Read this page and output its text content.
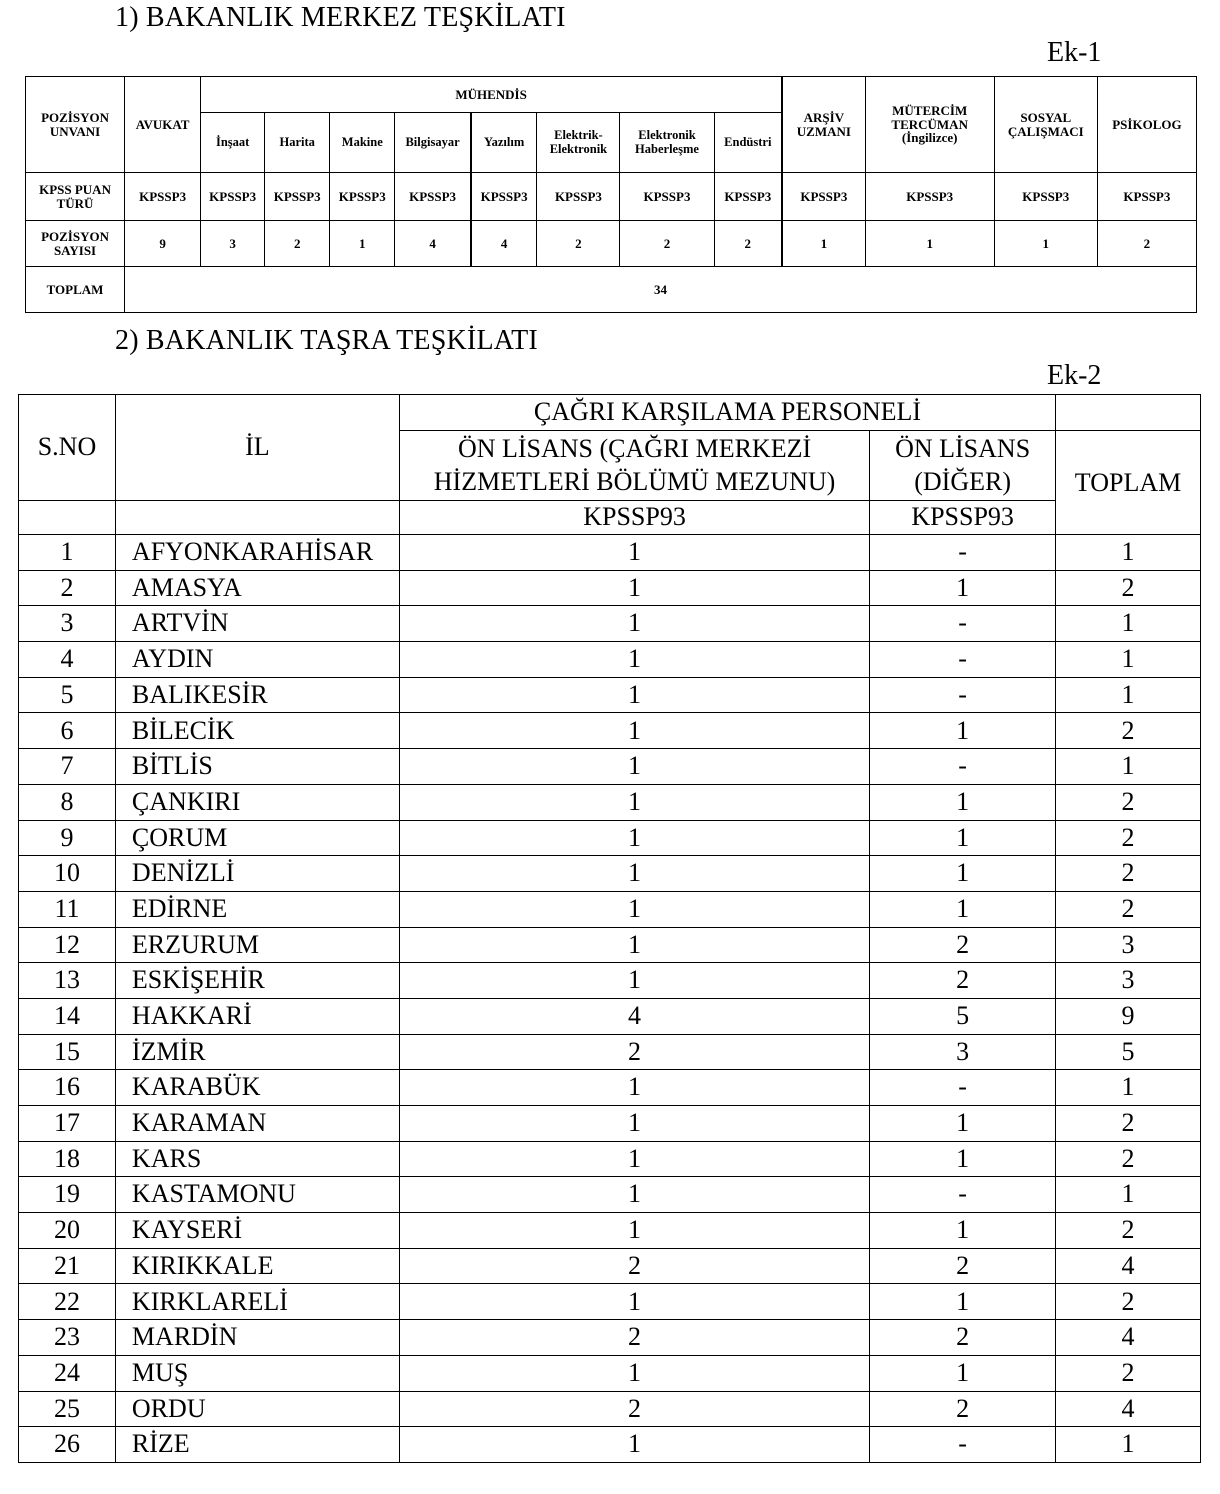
1) BAKANLIK MERKEZ TEŞKİLATI
Ek-1
POZİSYON UNVANI	AVUKAT	MÜHENDİS								ARŞİV UZMANI	MÜTERCİM TERCÜMAN (İngilizce)	SOSYAL ÇALIŞMACI	PSİKOLOG
		İnşaat	Harita	Makine	Bilgisayar	Yazılım	Elektrik- Elektronik	Elektronik Haberleşme	Endüstri				
KPSS PUAN TÜRÜ	KPSSP3	KPSSP3	KPSSP3	KPSSP3	KPSSP3	KPSSP3	KPSSP3	KPSSP3	KPSSP3	KPSSP3	KPSSP3	KPSSP3	KPSSP3
POZİSYON SAYISI	9	3	2	1	4	4	2	2	2	1	1	1	2
TOPLAM	34												
2) BAKANLIK TAŞRA TEŞKİLATI
Ek-2
S.NO	İL	ÇAĞRI KARŞILAMA PERSONELİ		
		ÖN LİSANS (ÇAĞRI MERKEZİ HİZMETLERİ BÖLÜMÜ MEZUNU)	ÖN LİSANS (DİĞER)	TOPLAM
		KPSSP93	KPSSP93	
1	AFYONKARAHİSAR	1	-	1
2	AMASYA	1	1	2
3	ARTVİN	1	-	1
4	AYDIN	1	-	1
5	BALIKESİR	1	-	1
6	BİLECİK	1	1	2
7	BİTLİS	1	-	1
8	ÇANKIRI	1	1	2
9	ÇORUM	1	1	2
10	DENİZLİ	1	1	2
11	EDİRNE	1	1	2
12	ERZURUM	1	2	3
13	ESKİŞEHİR	1	2	3
14	HAKKARİ	4	5	9
15	İZMİR	2	3	5
16	KARABÜK	1	-	1
17	KARAMAN	1	1	2
18	KARS	1	1	2
19	KASTAMONU	1	-	1
20	KAYSERİ	1	1	2
21	KIRIKKALE	2	2	4
22	KIRKLARELİ	1	1	2
23	MARDİN	2	2	4
24	MUŞ	1	1	2
25	ORDU	2	2	4
26	RİZE	1	-	1
